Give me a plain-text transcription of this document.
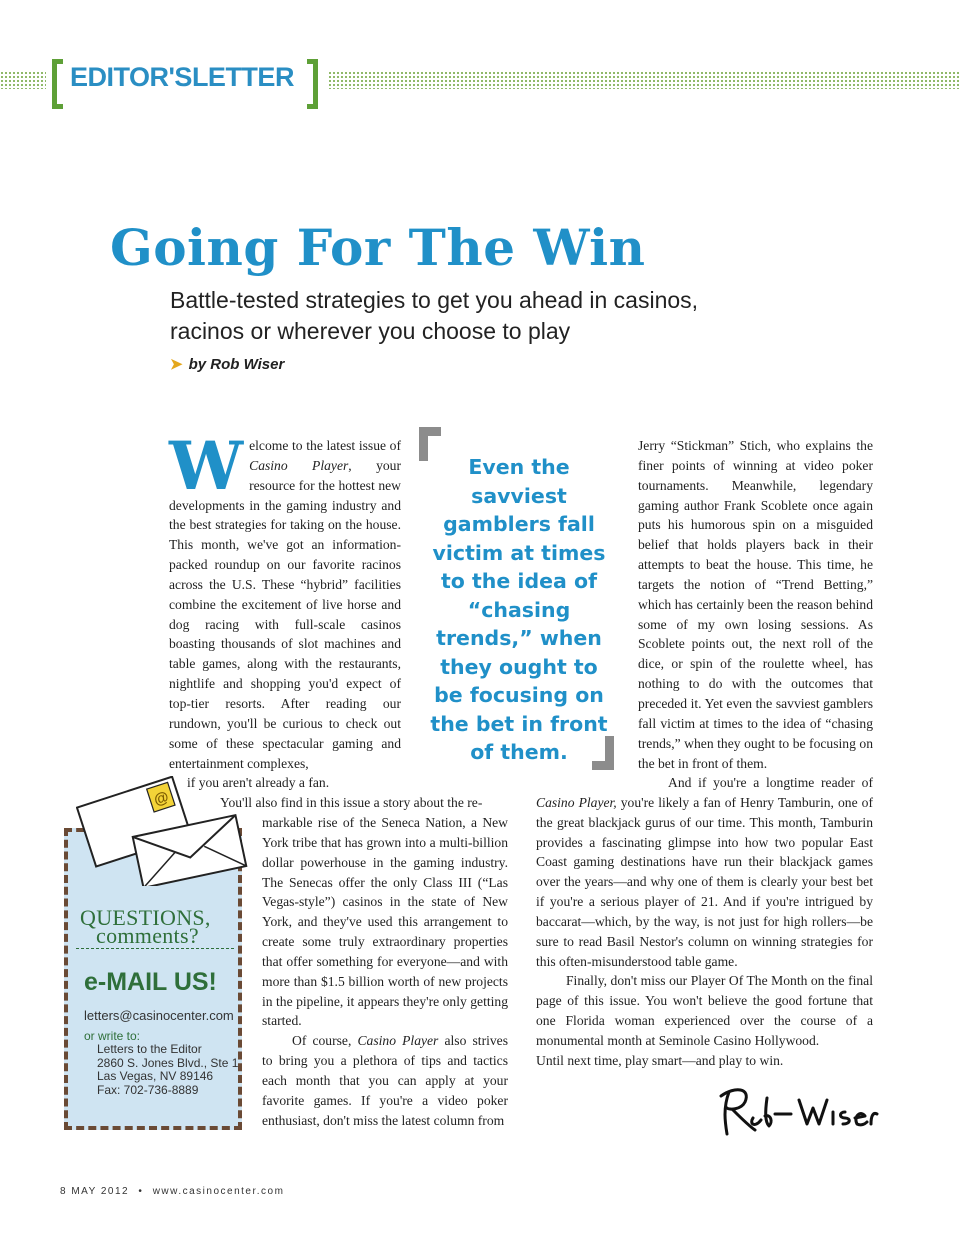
EDITOR'SLETTER
Going For The Win
Battle-tested strategies to get you ahead in casinos,
racinos or wherever you choose to play
➤ by Rob Wiser
Welcome to the latest issue of Casino Player, your resource for the hottest new developments in the gaming industry and the best strategies for taking on the house. This month, we've got an information-packed roundup on our favorite racinos across the U.S. These “hybrid” facilities combine the excitement of live horse and dog racing with full-scale casinos boasting thousands of slot machines and table games, along with the restaurants, nightlife and shopping you'd expect of top-tier resorts. After reading our rundown, you'll be curious to check out some of these spectacular gaming and entertainment complexes,
if you aren't already a fan.
You'll also find in this issue a story about the re-
markable rise of the Seneca Nation, a New York tribe that has grown into a multi-billion dollar powerhouse in the gaming industry. The Senecas offer the only Class III (“Las Vegas-style”) casinos in the state of New York, and they've used this arrangement to create some truly extraordinary properties that offer something for everyone—and with more than $1.5 billion worth of new projects in the pipeline, it appears they're only getting started.
Of course, Casino Player also strives to bring you a plethora of tips and tactics each month that you can apply at your favorite games. If you're a video poker enthusiast, don't miss the latest column from
Even the savviest gamblers fall victim at times to the idea of “chasing trends,” when they ought to be focusing on the bet in front of them.
Jerry “Stickman” Stich, who explains the finer points of winning at video poker tournaments. Meanwhile, legendary gaming author Frank Scoblete once again puts his humorous spin on a misguided belief that holds players back in their attempts to beat the house. This time, he targets the notion of “Trend Betting,” which has certainly been the reason behind some of my own losing sessions. As Scoblete points out, the next roll of the dice, or spin of the roulette wheel, has nothing to do with the outcomes that preceded it. Yet even the savviest gamblers fall victim at times to the idea of “chasing trends,” when they ought to be focusing on the bet in front of them.
And if you're a longtime reader of Casino Player, you're likely a fan of Henry Tamburin, one of the great blackjack gurus of our time. This month, Tamburin provides a fascinating glimpse into how two popular East Coast gaming destinations have run their blackjack games over the years—and why one of them is clearly your best bet if you're a serious player of 21. And if you're intrigued by baccarat—which, by the way, is not just for high rollers—be sure to read Basil Nestor's column on winning strategies for this often-misunderstood table game.
Finally, don't miss our Player Of The Month on the final page of this issue. You won't believe the good fortune that one Florida woman experienced over the course of a monumental month at Seminole Casino Hollywood.
Until next time, play smart—and play to win.
@
QUESTIONS,
comments?
e-MAIL US!
letters@casinocenter.com
or write to:
Letters to the Editor
2860 S. Jones Blvd., Ste 1
Las Vegas, NV 89146
Fax: 702-736-8889
8 MAY 2012 • www.casinocenter.com
